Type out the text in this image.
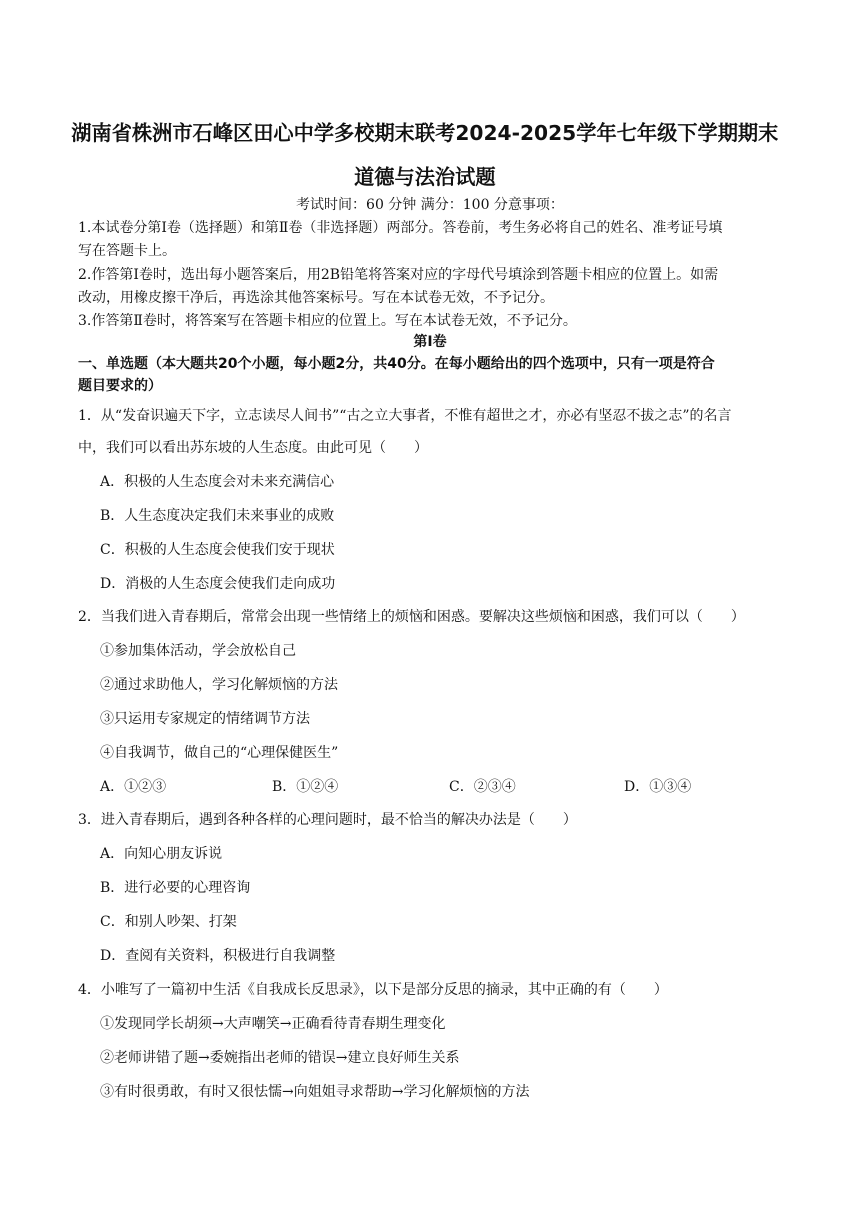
湖南省株洲市石峰区田心中学多校期末联考2024-2025学年七年级下学期期末
道德与法治试题
考试时间：60 分钟 满分：100 分意事项：
1.本试卷分第Ⅰ卷（选择题）和第Ⅱ卷（非选择题）两部分。答卷前，考生务必将自己的姓名、准考证号填
写在答题卡上。
2.作答第Ⅰ卷时，选出每小题答案后，用2B铅笔将答案对应的字母代号填涂到答题卡相应的位置上。如需
改动，用橡皮擦干净后，再选涂其他答案标号。写在本试卷无效，不予记分。
3.作答第Ⅱ卷时，将答案写在答题卡相应的位置上。写在本试卷无效，不予记分。
第Ⅰ卷
一、单选题（本大题共20个小题，每小题2分，共40分。在每小题给出的四个选项中，只有一项是符合
题目要求的）
1．从“发奋识遍天下字，立志读尽人间书”“古之立大事者，不惟有超世之才，亦必有坚忍不拔之志”的名言
中，我们可以看出苏东坡的人生态度。由此可见（　　）
A．积极的人生态度会对未来充满信心
B．人生态度决定我们未来事业的成败
C．积极的人生态度会使我们安于现状
D．消极的人生态度会使我们走向成功
2．当我们进入青春期后，常常会出现一些情绪上的烦恼和困惑。要解决这些烦恼和困惑，我们可以（　　）
①参加集体活动，学会放松自己
②通过求助他人，学习化解烦恼的方法
③只运用专家规定的情绪调节方法
④自我调节，做自己的“心理保健医生”
A．①②③	B．①②④	C．②③④	D．①③④
3．进入青春期后，遇到各种各样的心理问题时，最不恰当的解决办法是（　　）
A．向知心朋友诉说
B．进行必要的心理咨询
C．和别人吵架、打架
D．查阅有关资料，积极进行自我调整
4．小唯写了一篇初中生活《自我成长反思录》，以下是部分反思的摘录，其中正确的有（　　）
①发现同学长胡须→大声嘲笑→正确看待青春期生理变化
②老师讲错了题→委婉指出老师的错误→建立良好师生关系
③有时很勇敢，有时又很怯懦→向姐姐寻求帮助→学习化解烦恼的方法
